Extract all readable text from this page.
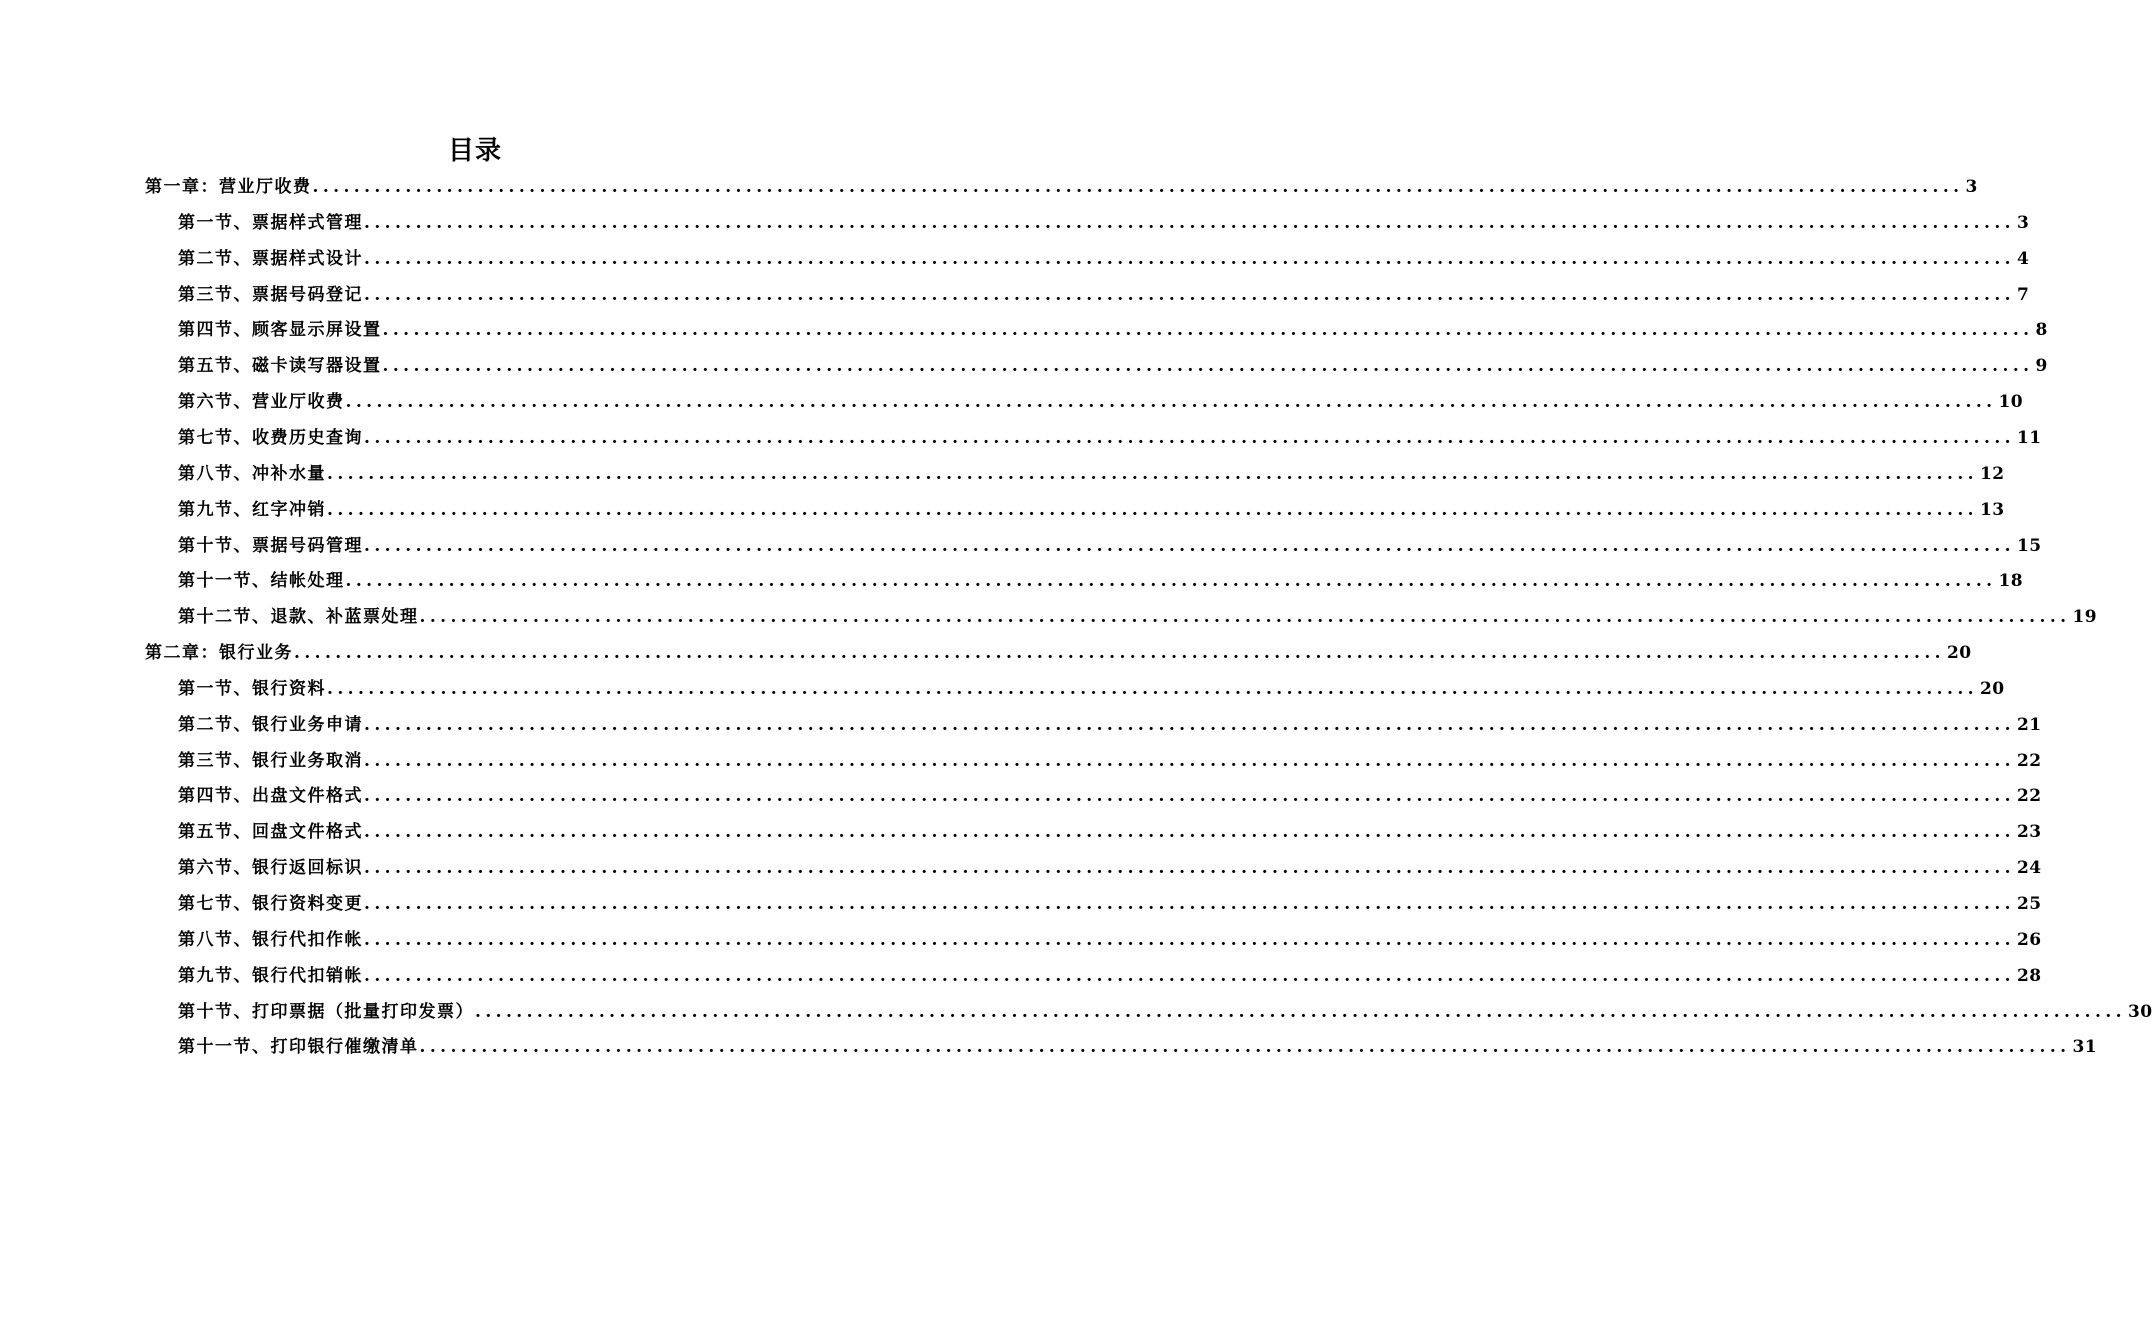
目录
第一章：营业厅收费 ................................................................................................................................................................ 3
第一节、票据样式管理 ................................................................................................................................................................ 3
第二节、票据样式设计 ................................................................................................................................................................ 4
第三节、票据号码登记 ................................................................................................................................................................ 7
第四节、顾客显示屏设置 ................................................................................................................................................................ 8
第五节、磁卡读写器设置 ................................................................................................................................................................ 9
第六节、营业厅收费 ................................................................................................................................................................ 10
第七节、收费历史查询 ................................................................................................................................................................ 11
第八节、冲补水量 ................................................................................................................................................................ 12
第九节、红字冲销 ................................................................................................................................................................ 13
第十节、票据号码管理 ................................................................................................................................................................ 15
第十一节、结帐处理 ................................................................................................................................................................ 18
第十二节、退款、补蓝票处理 ................................................................................................................................................................ 19
第二章：银行业务 ................................................................................................................................................................ 20
第一节、银行资料 ................................................................................................................................................................ 20
第二节、银行业务申请 ................................................................................................................................................................ 21
第三节、银行业务取消 ................................................................................................................................................................ 22
第四节、出盘文件格式 ................................................................................................................................................................ 22
第五节、回盘文件格式 ................................................................................................................................................................ 23
第六节、银行返回标识 ................................................................................................................................................................ 24
第七节、银行资料变更 ................................................................................................................................................................ 25
第八节、银行代扣作帐 ................................................................................................................................................................ 26
第九节、银行代扣销帐 ................................................................................................................................................................ 28
第十节、打印票据（批量打印发票） ................................................................................................................................................................ 30
第十一节、打印银行催缴清单 ................................................................................................................................................................ 31
